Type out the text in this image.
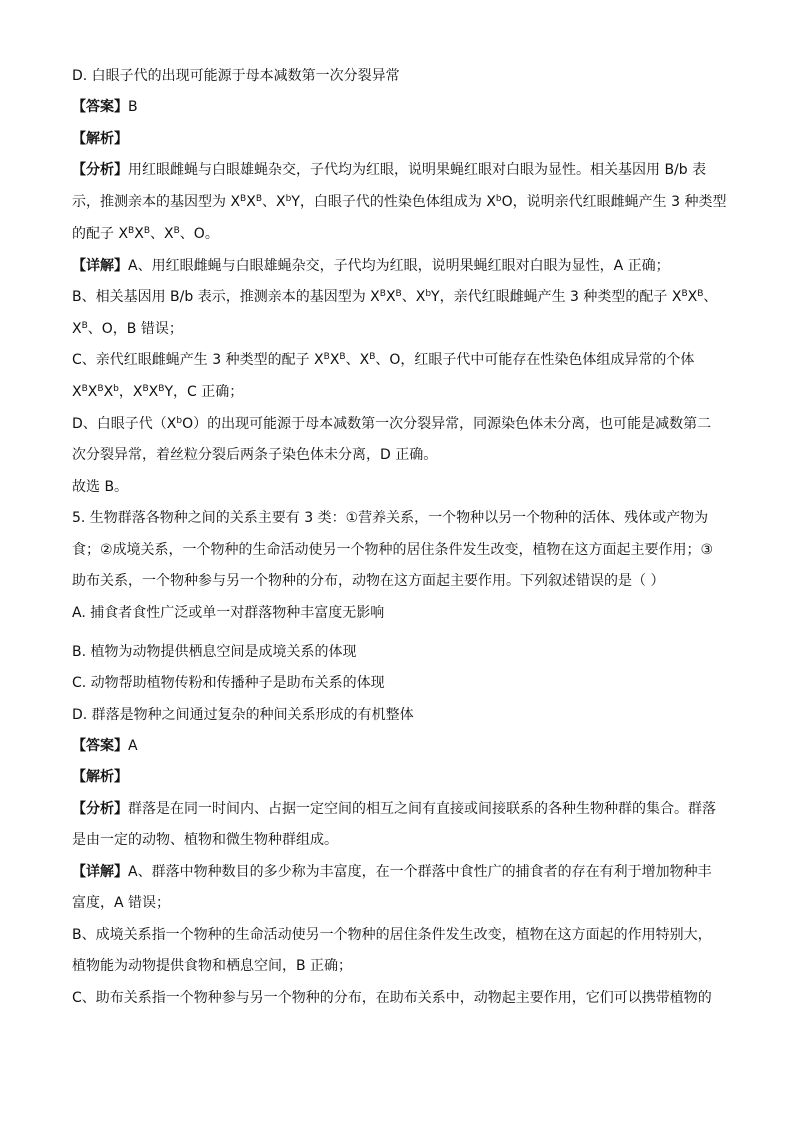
D. 白眼子代的出现可能源于母本减数第一次分裂异常
【答案】B
【解析】
【分析】用红眼雌蝇与白眼雄蝇杂交，子代均为红眼，说明果蝇红眼对白眼为显性。相关基因用 B/b 表
示，推测亲本的基因型为 $X^BX^B$、$X^bY$，白眼子代的性染色体组成为 $X^bO$，说明亲代红眼雌蝇产生 3 种类型
的配子 $X^BX^B$、$X^B$、O。
【详解】A、用红眼雌蝇与白眼雄蝇杂交，子代均为红眼，说明果蝇红眼对白眼为显性，A 正确；
B、相关基因用 B/b 表示，推测亲本的基因型为 $X^BX^B$、$X^bY$，亲代红眼雌蝇产生 3 种类型的配子 $X^BX^B$、
$X^B$、O，B 错误；
C、亲代红眼雌蝇产生 3 种类型的配子 $X^BX^B$、$X^B$、O，红眼子代中可能存在性染色体组成异常的个体
$X^BX^BX^b$，$X^BX^BY$，C 正确；
D、白眼子代$(X^bO)$的出现可能源于母本减数第一次分裂异常，同源染色体未分离，也可能是减数第二
次分裂异常，着丝粒分裂后两条子染色体未分离，D 正确。
故选 B。
5. 生物群落各物种之间的关系主要有 3 类：①营养关系，一个物种以另一个物种的活体、残体或产物为
食；②成境关系，一个物种的生命活动使另一个物种的居住条件发生改变，植物在这方面起主要作用；③
助布关系，一个物种参与另一个物种的分布，动物在这方面起主要作用。下列叙述错误的是（ ）
A. 捕食者食性广泛或单一对群落物种丰富度无影响
B. 植物为动物提供栖息空间是成境关系的体现
C. 动物帮助植物传粉和传播种子是助布关系的体现
D. 群落是物种之间通过复杂的种间关系形成的有机整体
【答案】A
【解析】
【分析】群落是在同一时间内、占据一定空间的相互之间有直接或间接联系的各种生物种群的集合。群落
是由一定的动物、植物和微生物种群组成。
【详解】A、群落中物种数目的多少称为丰富度，在一个群落中食性广的捕食者的存在有利于增加物种丰
富度，A 错误；
B、成境关系指一个物种的生命活动使另一个物种的居住条件发生改变，植物在这方面起的作用特别大，
植物能为动物提供食物和栖息空间，B 正确；
C、助布关系指一个物种参与另一个物种的分布，在助布关系中，动物起主要作用，它们可以携带植物的
